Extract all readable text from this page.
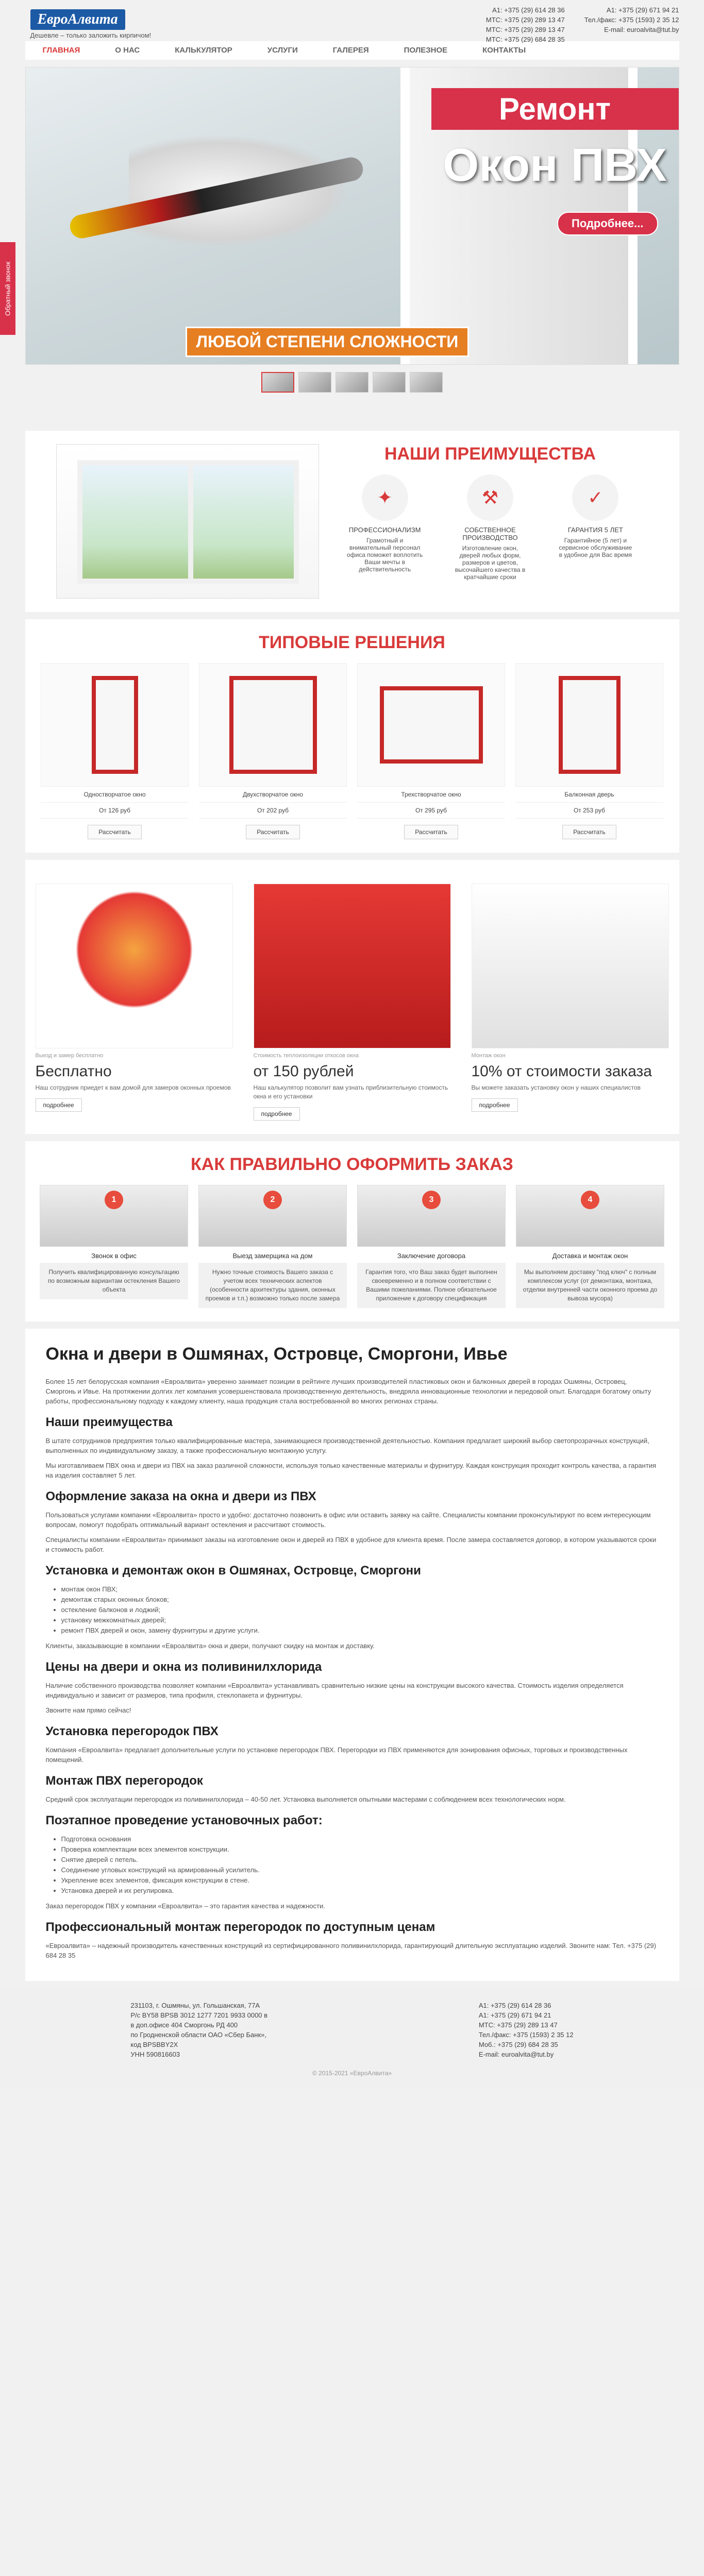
Обратный звонок
ЕвроАлвита
Дешевле – только заложить кирпичом!
A1: +375 (29) 614 28 36
МТС: +375 (29) 289 13 47
MTC: +375 (29) 289 13 47
МТС: +375 (29) 684 28 35
A1: +375 (29) 671 94 21
Тел./факс: +375 (1593) 2 35 12
E-mail: euroalvita@tut.by
ГЛАВНАЯ	О НАС	КАЛЬКУЛЯТОР	УСЛУГИ	ГАЛЕРЕЯ	ПОЛЕЗНОЕ	КОНТАКТЫ
Ремонт
Окон ПВХ
Подробнее...
ЛЮБОЙ СТЕПЕНИ СЛОЖНОСТИ
НАШИ ПРЕИМУЩЕСТВА
✦
ПРОФЕССИОНАЛИЗМ
Грамотный и внимательный персонал офиса поможет воплотить Ваши мечты в действительность
⚒
СОБСТВЕННОЕ ПРОИЗВОДСТВО
Изготовление окон, дверей любых форм, размеров и цветов, высочайшего качества в кратчайшие сроки
✓
ГАРАНТИЯ 5 ЛЕТ
Гарантийное (5 лет) и сервисное обслуживание в удобное для Вас время
ТИПОВЫЕ РЕШЕНИЯ
Одностворчатое окно
От 126 руб
Рассчитать
Двухстворчатое окно
От 202 руб
Рассчитать
Трехстворчатое окно
От 295 руб
Рассчитать
Балконная дверь
От 253 руб
Рассчитать
Выезд и замер бесплатно
Бесплатно
Наш сотрудник приедет к вам домой для замеров оконных проемов
подробнее
Стоимость теплоизоляции откосов окна
от 150 рублей
Наш калькулятор позволит вам узнать приблизительную стоимость окна и его установки
подробнее
Монтаж окон
10% от стоимости заказа
Вы можете заказать установку окон у наших специалистов
подробнее
КАК ПРАВИЛЬНО ОФОРМИТЬ ЗАКАЗ
1
Звонок в офис
Получить квалифицированную консультацию по возможным вариантам остекления Вашего объекта
2
Выезд замерщика на дом
Нужно точные стоимость Вашего заказа с учетом всех технических аспектов (особенности архитектуры здания, оконных проемов и т.п.) возможно только после замера
3
Заключение договора
Гарантия того, что Ваш заказ будет выполнен своевременно и в полном соответствии с Вашими пожеланиями. Полное обязательное приложение к договору спецификация
4
Доставка и монтаж окон
Мы выполняем доставку "под ключ" с полным комплексом услуг (от демонтажа, монтажа, отделки внутренней части оконного проема до вывоза мусора)
Окна и двери в Ошмянах, Островце, Сморгони, Ивье

Более 15 лет белорусская компания «Евроалвита» уверенно занимает позиции в рейтинге лучших производителей пластиковых окон и балконных дверей в городах Ошмяны, Островец, Сморгонь и Ивье. На протяжении долгих лет компания усовершенствовала производственную деятельность, внедряла инновационные технологии и передовой опыт. Благодаря богатому опыту работы, профессиональному подходу к каждому клиенту, наша продукция стала востребованной во многих регионах страны.

Наши преимущества

В штате сотрудников предприятия только квалифицированные мастера, занимающиеся производственной деятельностью. Компания предлагает широкий выбор светопрозрачных конструкций, выполненных по индивидуальному заказу, а также профессиональную монтажную услугу.

Мы изготавливаем ПВХ окна и двери из ПВХ на заказ различной сложности, используя только качественные материалы и фурнитуру. Каждая конструкция проходит контроль качества, а гарантия на изделия составляет 5 лет.

Оформление заказа на окна и двери из ПВХ

Пользоваться услугами компании «Евроалвита» просто и удобно: достаточно позвонить в офис или оставить заявку на сайте. Специалисты компании проконсультируют по всем интересующим вопросам, помогут подобрать оптимальный вариант остекления и рассчитают стоимость.

Специалисты компании «Евроалвита» принимают заказы на изготовление окон и дверей из ПВХ в удобное для клиента время. После замера составляется договор, в котором указываются сроки и стоимость работ.

Установка и демонтаж окон в Ошмянах, Островце, Сморгони
• монтаж окон ПВХ;
• демонтаж старых оконных блоков;
• остекление балконов и лоджий;
• установку межкомнатных дверей;
• ремонт ПВХ дверей и окон, замену фурнитуры и другие услуги.

Клиенты, заказывающие в компании «Евроалвита» окна и двери, получают скидку на монтаж и доставку.

Цены на двери и окна из поливинилхлорида

Наличие собственного производства позволяет компании «Евроалвита» устанавливать сравнительно низкие цены на конструкции высокого качества. Стоимость изделия определяется индивидуально и зависит от размеров, типа профиля, стеклопакета и фурнитуры.

Звоните нам прямо сейчас!

Установка перегородок ПВХ

Компания «Евроалвита» предлагает дополнительные услуги по установке перегородок ПВХ. Перегородки из ПВХ применяются для зонирования офисных, торговых и производственных помещений.

Монтаж ПВХ перегородок

Средний срок эксплуатации перегородок из поливинилхлорида – 40-50 лет. Установка выполняется опытными мастерами с соблюдением всех технологических норм.

Поэтапное проведение установочных работ:
• Подготовка основания
• Проверка комплектации всех элементов конструкции.
• Снятие дверей с петель.
• Соединение угловых конструкций на армированный усилитель.
• Укрепление всех элементов, фиксация конструкции в стене.
• Установка дверей и их регулировка.

Заказ перегородок ПВХ у компании «Евроалвита» – это гарантия качества и надежности.

Профессиональный монтаж перегородок по доступным ценам

«Евроалвита» – надежный производитель качественных конструкций из сертифицированного поливинилхлорида, гарантирующий длительную эксплуатацию изделий. Звоните нам: Тел. +375 (29) 684 28 35

231103, г. Ошмяны, ул. Гольшанская, 77А
Р/с BY58 BPSB 3012 1277 7201 9933 0000 в
в доп.офисе 404 Сморгонь РД 400
по Гродненской области ОАО «Сбер Банк»,
код BPSBBY2X
УНН 590816603
A1: +375 (29) 614 28 36
A1: +375 (29) 671 94 21
МТС: +375 (29) 289 13 47
Тел./факс: +375 (1593) 2 35 12
Моб.: +375 (29) 684 28 35
E-mail: euroalvita@tut.by
© 2015-2021 «ЕвроАлвита»
